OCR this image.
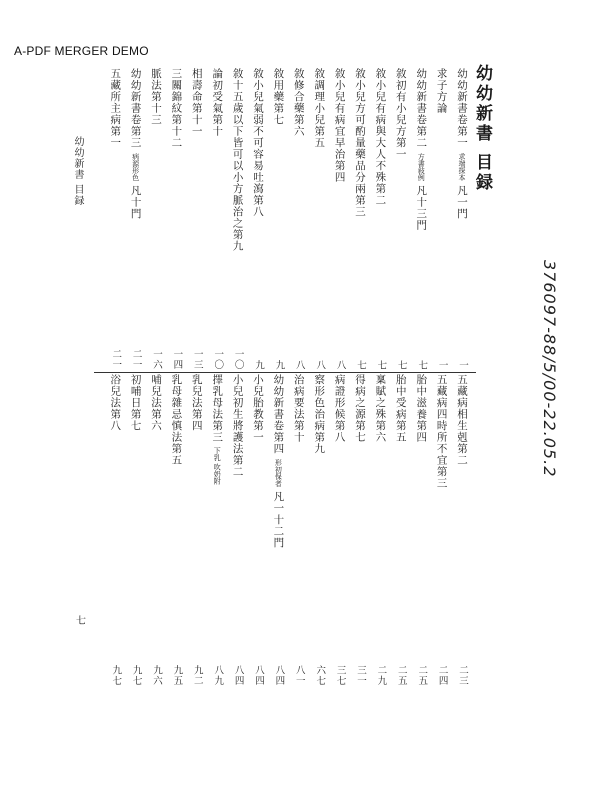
A-PDF MERGER DEMO
376097-88/5/00-22.05.2
幼幼新書 目録
七
幼幼新書 目録
幼幼新書卷第一
求端探本
凡一門
一
求子方論
一
幼幼新書卷第二
方書敍例
凡十三門
七
敘初有小兒方第一
七
敘小兒有病與大人不殊第二
七
敘小兒方可酌量藥品分兩第三
七
敘小兒有病宜早治第四
八
敘調理小兒第五
八
敘修合藥第六
八
敘用藥第七
九
敘小兒氣弱不可容易吐瀉第八
九
敘十五歲以下皆可以小方脈治之第九
一〇
論初受氣第十
一〇
相壽命第十一
一三
三關錦紋第十二
一四
脈法第十三
一六
幼幼新書卷第三
病源形色
凡十門
二一
五藏所主病第一
二一
五藏病相生剋第二
二三
五藏病四時所不宜第三
二四
胎中滋養第四
二五
胎中受病第五
二五
稟賦之殊第六
二九
得病之源第七
三一
病證形候第八
三七
察形色治病第九
六七
治病要法第十
八一
幼幼新書卷第四
形初保者
凡一十二門
八四
小兒胎教第一
八四
小兒初生將護法第二
八四
擇乳母法第三
下乳 吹奶附
八九
乳兒法第四
九二
乳母雜忌慎法第五
九五
哺兒法第六
九六
初哺日第七
九七
浴兒法第八
九七
